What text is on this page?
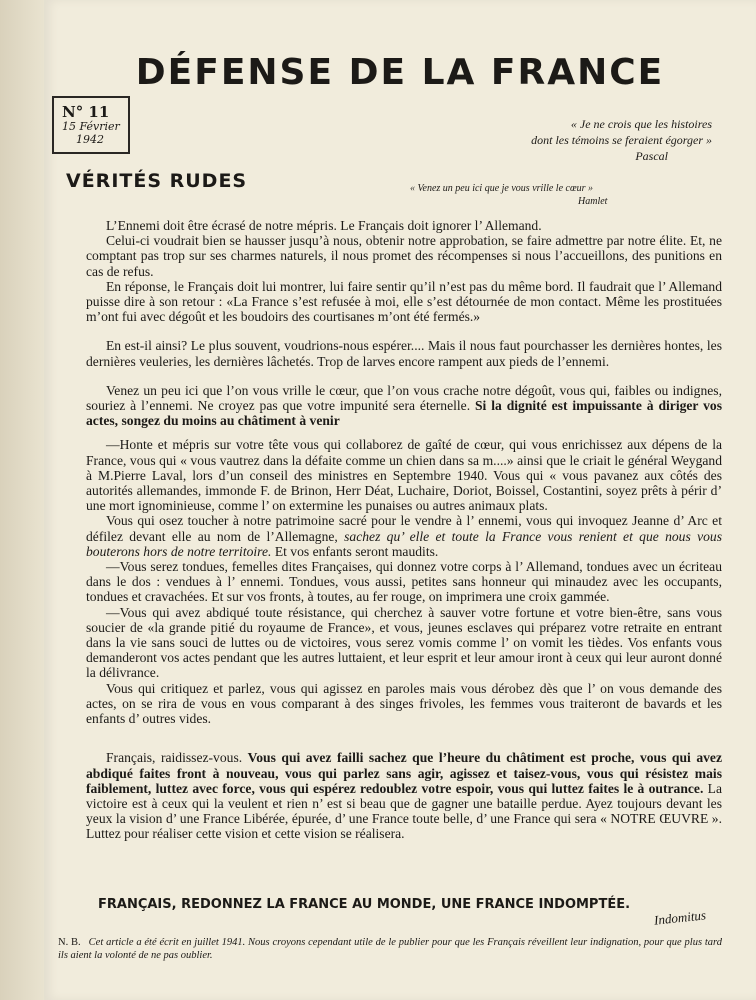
DÉFENSE DE LA FRANCE
N° 11
15 Février
1942
« Je ne crois que les histoires
dont les témoins se feraient égorger »

Pascal
VÉRITÉS RUDES	« Venez un peu ici que je vous vrille le cœur »

Hamlet

L’Ennemi doit être écrasé de notre mépris. Le Français doit ignorer l’ Allemand.

Celui-ci voudrait bien se hausser jusqu’à nous, obtenir notre approbation, se faire admettre par notre élite. Et, ne comptant pas trop sur ses charmes naturels, il nous promet des récompenses si nous l’accueillons, des punitions en cas de refus.

En réponse, le Français doit lui montrer, lui faire sentir qu’il n’est pas du même bord. Il faudrait que l’ Allemand puisse dire à son retour : «La France s’est refusée à moi, elle s’est détournée de mon contact. Même les prostituées m’ont fui avec dégoût et les boudoirs des courtisanes m’ont été fermés.»

En est-il ainsi? Le plus souvent, voudrions-nous espérer.... Mais il nous faut pourchasser les dernières hontes, les dernières veuleries, les dernières lâchetés. Trop de larves encore rampent aux pieds de l’ennemi.

Venez un peu ici que l’on vous vrille le cœur, que l’on vous crache notre dégoût, vous qui, faibles ou indignes, souriez à l’ennemi. Ne croyez pas que votre impunité sera éternelle. Si la dignité est impuissante à diriger vos actes, songez du moins au châtiment à venir

—Honte et mépris sur votre tête vous qui collaborez de gaîté de cœur, qui vous enrichissez aux dépens de la France, vous qui « vous vautrez dans la défaite comme un chien dans sa m....» ainsi que le criait le général Weygand à M.Pierre Laval, lors d’un conseil des ministres en Septembre 1940. Vous qui « vous pavanez aux côtés des autorités allemandes, immonde F. de Brinon, Herr Déat, Luchaire, Doriot, Boissel, Costantini, soyez prêts à périr d’ une mort ignominieuse, comme l’ on extermine les punaises ou autres animaux plats.

Vous qui osez toucher à notre patrimoine sacré pour le vendre à l’ ennemi, vous qui invoquez Jeanne d’ Arc et défilez devant elle au nom de l’Allemagne, sachez qu’ elle et toute la France vous renient et que nous vous bouterons hors de notre territoire. Et vos enfants seront maudits.

—Vous serez tondues, femelles dites Françaises, qui donnez votre corps à l’ Allemand, tondues avec un écriteau dans le dos : vendues à l’ ennemi. Tondues, vous aussi, petites sans honneur qui minaudez avec les occupants, tondues et cravachées. Et sur vos fronts, à toutes, au fer rouge, on imprimera une croix gammée.

—Vous qui avez abdiqué toute résistance, qui cherchez à sauver votre fortune et votre bien-être, sans vous soucier de «la grande pitié du royaume de France», et vous, jeunes esclaves qui préparez votre retraite en entrant dans la vie sans souci de luttes ou de victoires, vous serez vomis comme l’ on vomit les tièdes. Vos enfants vous demanderont vos actes pendant que les autres luttaient, et leur esprit et leur amour iront à ceux qui leur auront donné la délivrance.

Vous qui critiquez et parlez, vous qui agissez en paroles mais vous dérobez dès que l’ on vous demande des actes, on se rira de vous en vous comparant à des singes frivoles, les femmes vous traiteront de bavards et les enfants d’ outres vides.

Français, raidissez-vous. Vous qui avez failli sachez que l’heure du châtiment est proche, vous qui avez abdiqué faites front à nouveau, vous qui parlez sans agir, agissez et taisez-vous, vous qui résistez mais faiblement, luttez avec force, vous qui espérez redoublez votre espoir, vous qui luttez faites le à outrance. La victoire est à ceux qui la veulent et rien n’ est si beau que de gagner une bataille perdue. Ayez toujours devant les yeux la vision d’ une France Libérée, épurée, d’ une France toute belle, d’ une France qui sera « NOTRE ŒUVRE ». Luttez pour réaliser cette vision et cette vision se réalisera.

FRANÇAIS, REDONNEZ LA FRANCE AU MONDE, UNE FRANCE INDOMPTÉE.
Indomitus
N. B. Cet article a été écrit en juillet 1941. Nous croyons cependant utile de le publier pour que les Français réveillent leur indignation, pour que plus tard ils aient la volonté de ne pas oublier.
